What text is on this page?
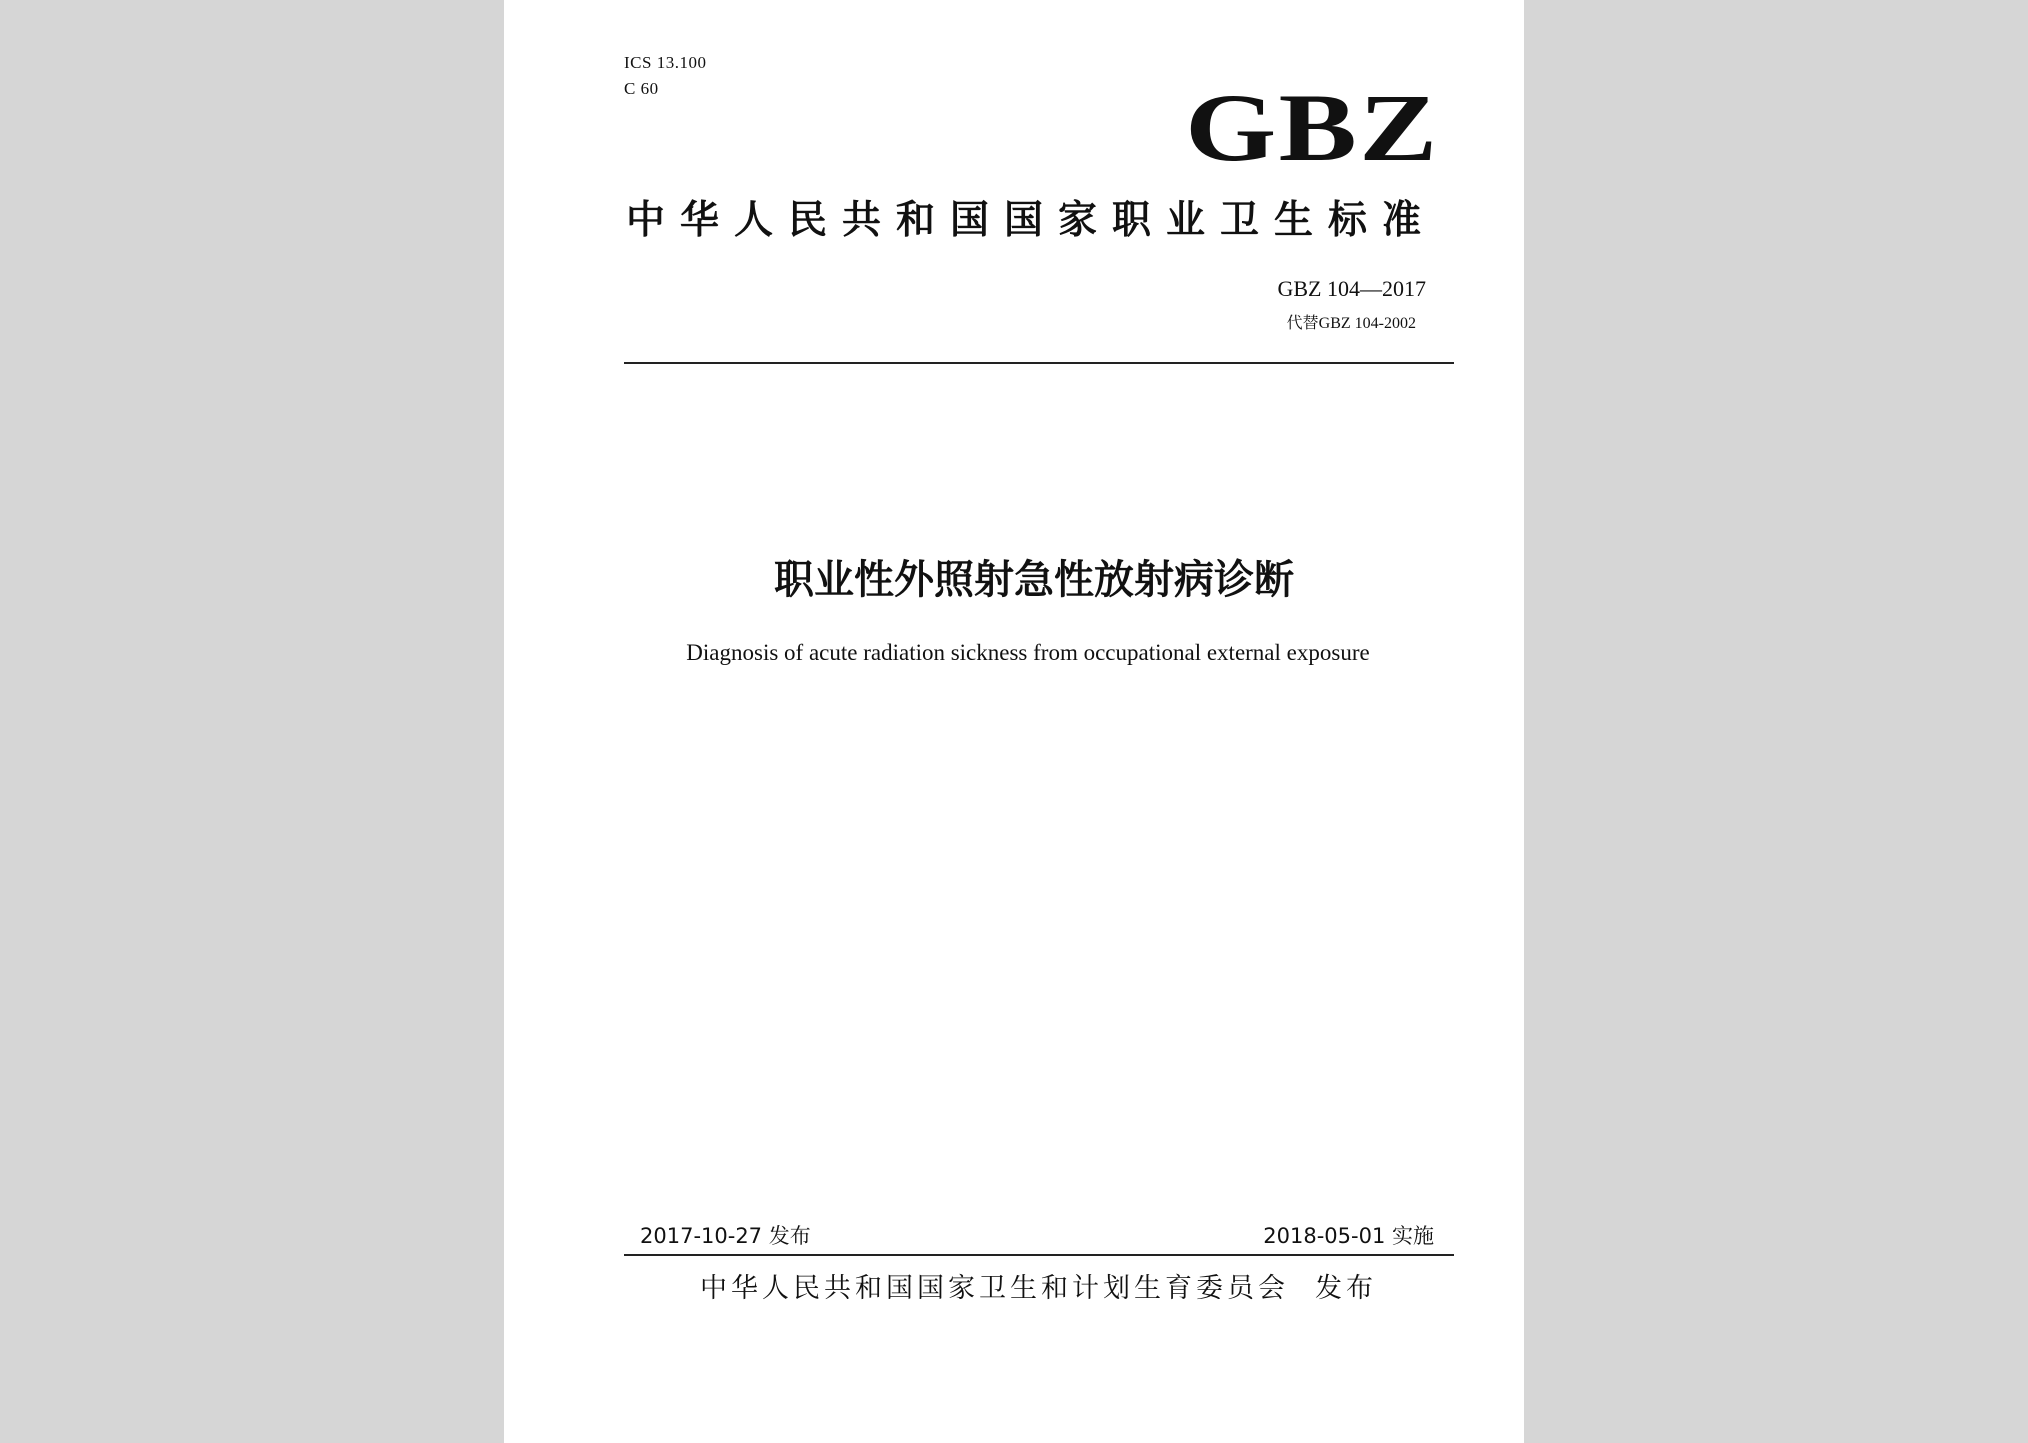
ICS 13.100
C 60	GBZ
中华人民共和国国家职业卫生标准
GBZ 104—2017
代替GBZ 104-2002
职业性外照射急性放射病诊断
Diagnosis of acute radiation sickness from occupational external exposure
2017-10-27 发布	2018-05-01 实施
中华人民共和国国家卫生和计划生育委员会 发布
